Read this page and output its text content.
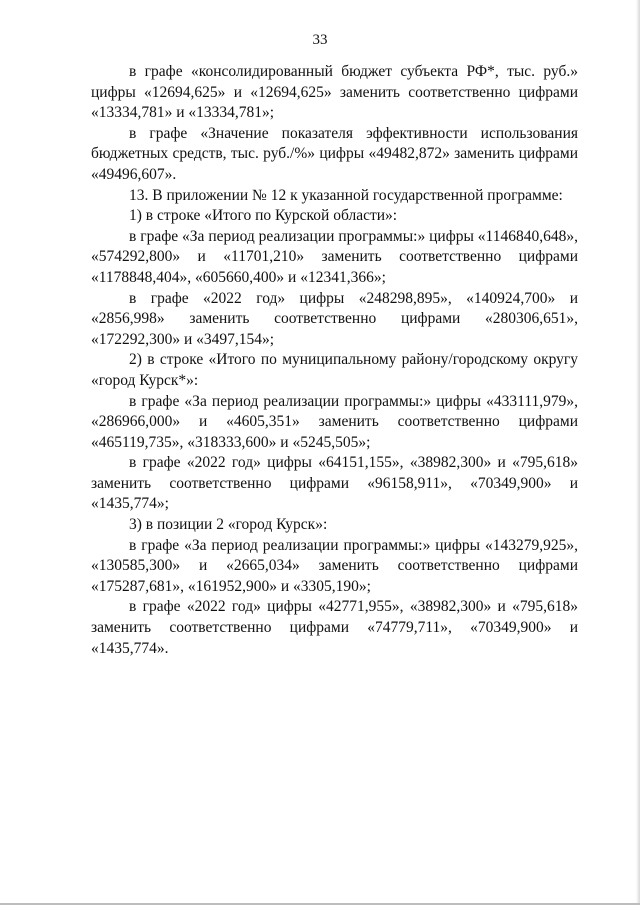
33

в графе «консолидированный бюджет субъекта РФ*, тыс. руб.» цифры «12694,625» и «12694,625» заменить соответственно цифрами «13334,781» и «13334,781»;

в графе «Значение показателя эффективности использования бюджетных средств, тыс. руб./%» цифры «49482,872» заменить цифрами «49496,607».

13. В приложении № 12 к указанной государственной программе:

1) в строке «Итого по Курской области»:

в графе «За период реализации программы:» цифры «1146840,648», «574292,800» и «11701,210» заменить соответственно цифрами «1178848,404», «605660,400» и «12341,366»;

в графе «2022 год» цифры «248298,895», «140924,700» и «2856,998» заменить соответственно цифрами «280306,651», «172292,300» и «3497,154»;

2) в строке «Итого по муниципальному району/городскому округу «город Курск*»:

в графе «За период реализации программы:» цифры «433111,979», «286966,000» и «4605,351» заменить соответственно цифрами «465119,735», «318333,600» и «5245,505»;

в графе «2022 год» цифры «64151,155», «38982,300» и «795,618» заменить соответственно цифрами «96158,911», «70349,900» и «1435,774»;

3) в позиции 2 «город Курск»:

в графе «За период реализации программы:» цифры «143279,925», «130585,300» и «2665,034» заменить соответственно цифрами «175287,681», «161952,900» и «3305,190»;

в графе «2022 год» цифры «42771,955», «38982,300» и «795,618» заменить соответственно цифрами «74779,711», «70349,900» и «1435,774».
